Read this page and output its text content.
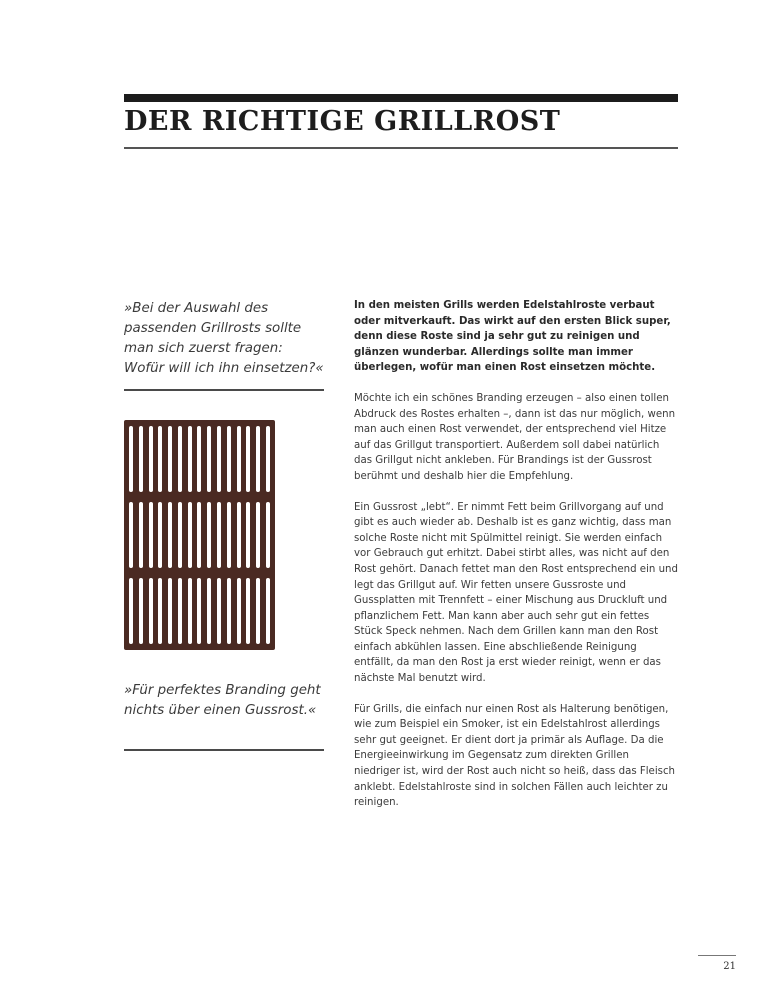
DER RICHTIGE GRILLROST

»Bei der Auswahl des passenden Grillrosts sollte man sich zuerst fragen: Wofür will ich ihn einsetzen?«

»Für perfektes Branding geht nichts über einen Gussrost.«

In den meisten Grills werden Edelstahlroste verbaut oder mitverkauft. Das wirkt auf den ersten Blick super, denn diese Roste sind ja sehr gut zu reinigen und glänzen wunderbar. Allerdings sollte man immer überlegen, wofür man einen Rost einsetzen möchte.

Möchte ich ein schönes Branding erzeugen – also einen tollen Abdruck des Rostes erhalten –, dann ist das nur möglich, wenn man auch einen Rost verwendet, der entsprechend viel Hitze auf das Grillgut transportiert. Außerdem soll dabei natürlich das Grillgut nicht ankleben. Für Brandings ist der Gussrost berühmt und deshalb hier die Empfehlung.

Ein Gussrost „lebt“. Er nimmt Fett beim Grillvorgang auf und gibt es auch wieder ab. Deshalb ist es ganz wichtig, dass man solche Roste nicht mit Spülmittel reinigt. Sie werden einfach vor Gebrauch gut erhitzt. Dabei stirbt alles, was nicht auf den Rost gehört. Danach fettet man den Rost entsprechend ein und legt das Grillgut auf. Wir fetten unsere Gussroste und Gussplatten mit Trennfett – einer Mischung aus Druckluft und pflanzlichem Fett. Man kann aber auch sehr gut ein fettes Stück Speck nehmen. Nach dem Grillen kann man den Rost einfach abkühlen lassen. Eine abschließende Reinigung entfällt, da man den Rost ja erst wieder reinigt, wenn er das nächste Mal benutzt wird.

Für Grills, die einfach nur einen Rost als Halterung benötigen, wie zum Beispiel ein Smoker, ist ein Edelstahlrost allerdings sehr gut geeignet. Er dient dort ja primär als Auflage. Da die Energieeinwirkung im Gegensatz zum direkten Grillen niedriger ist, wird der Rost auch nicht so heiß, dass das Fleisch anklebt. Edelstahlroste sind in solchen Fällen auch leichter zu reinigen.

21
